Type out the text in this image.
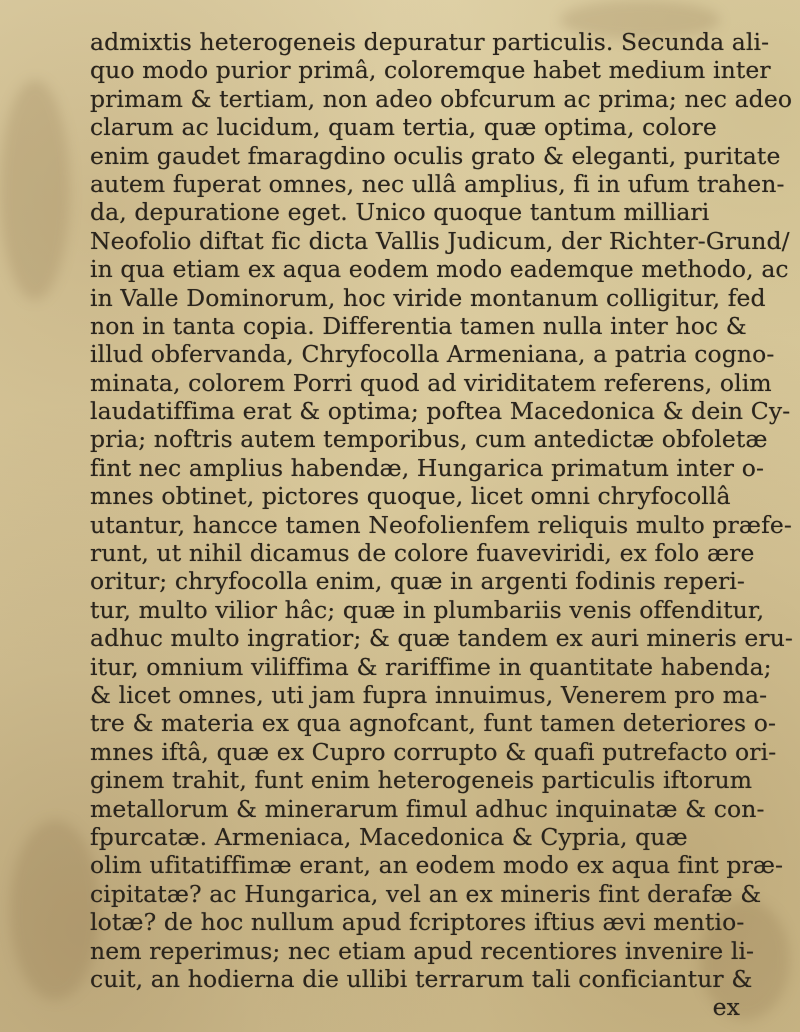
admixtis heterogeneis depuratur particulis. Secunda ali-
quo modo purior primâ, coloremque habet medium inter
primam & tertiam, non adeo obfcurum ac prima; nec adeo
clarum ac lucidum, quam tertia, quæ optima, colore
enim gaudet fmaragdino oculis grato & eleganti, puritate
autem fuperat omnes, nec ullâ amplius, fi in ufum trahen-
da, depuratione eget. Unico quoque tantum milliari
Neofolio diftat fic dicta Vallis Judicum, der Richter-Grund/
in qua etiam ex aqua eodem modo eademque methodo, ac
in Valle Dominorum, hoc viride montanum colligitur, fed
non in tanta copia. Differentia tamen nulla inter hoc &
illud obfervanda, Chryfocolla Armeniana, a patria cogno-
minata, colorem Porri quod ad viriditatem referens, olim
laudatiffima erat & optima; poftea Macedonica & dein Cy-
pria; noftris autem temporibus, cum antedictæ obfoletæ
fint nec amplius habendæ, Hungarica primatum inter o-
mnes obtinet, pictores quoque, licet omni chryfocollâ
utantur, hancce tamen Neofolienfem reliquis multo præfe-
runt, ut nihil dicamus de colore fuaveviridi, ex folo ære
oritur; chryfocolla enim, quæ in argenti fodinis reperi-
tur, multo vilior hâc; quæ in plumbariis venis offenditur,
adhuc multo ingratior; & quæ tandem ex auri mineris eru-
itur, omnium viliffima & rariffime in quantitate habenda;
& licet omnes, uti jam fupra innuimus, Venerem pro ma-
tre & materia ex qua agnofcant, funt tamen deteriores o-
mnes iftâ, quæ ex Cupro corrupto & quafi putrefacto ori-
ginem trahit, funt enim heterogeneis particulis iftorum
metallorum & minerarum fimul adhuc inquinatæ & con-
fpurcatæ. Armeniaca, Macedonica & Cypria, quæ
olim ufitatiffimæ erant, an eodem modo ex aqua fint præ-
cipitatæ? ac Hungarica, vel an ex mineris fint derafæ &
lotæ? de hoc nullum apud fcriptores iftius ævi mentio-
nem reperimus; nec etiam apud recentiores invenire li-
cuit, an hodierna die ullibi terrarum tali conficiantur &
ex
